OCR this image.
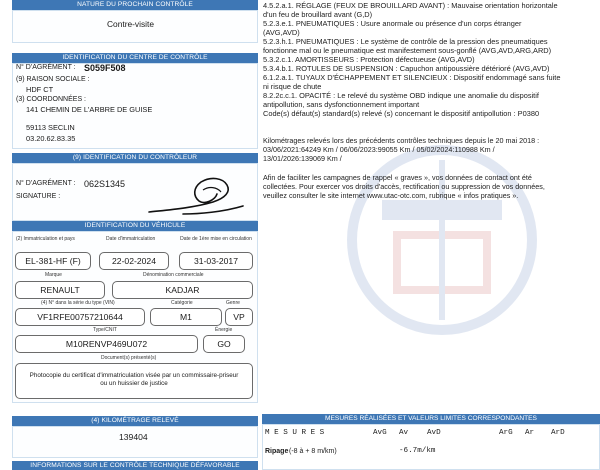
NATURE DU PROCHAIN CONTRÔLE
Contre-visite
IDENTIFICATION DU CENTRE DE CONTRÔLE
N° D'AGRÉMENT : S059F508
(9) RAISON SOCIALE :
HDF CT
(3) COORDONNÉES :
141 CHEMIN DE L'ARBRE DE GUISE
59113 SECLIN
03.20.62.83.35
(9) IDENTIFICATION DU CONTRÔLEUR
N° D'AGRÉMENT : 062S1345
SIGNATURE :
IDENTIFICATION DU VÉHICULE
(2) Immatriculation et pays	Date d'immatriculation	Date de 1ère mise en circulation
EL-381-HF (F)	22-02-2024	31-03-2017
Marque	Dénomination commerciale
RENAULT	KADJAR
(4) N° dans la série du type (VIN)	Catégorie	Genre
VF1RFE00757210644	M1	VP
Type/CNIT	Énergie
M10RENVP469U072	GO
Document(s) présenté(s)
Photocopie du certificat d'immatriculation visée par un commissaire-priseur
ou un huissier de justice
(4) KILOMÉTRAGE RELEVÉ
139404
INFORMATIONS SUR LE CONTRÔLE TECHNIQUE DÉFAVORABLE
4.5.2.a.1. RÉGLAGE (FEUX DE BROUILLARD AVANT) : Mauvaise orientation horizontale
d'un feu de brouillard avant (G,D)
5.2.3.e.1. PNEUMATIQUES : Usure anormale ou présence d'un corps étranger
(AVG,AVD)
5.2.3.h.1. PNEUMATIQUES : Le système de contrôle de la pression des pneumatiques
fonctionne mal ou le pneumatique est manifestement sous-gonflé (AVG,AVD,ARG,ARD)
5.3.2.c.1. AMORTISSEURS : Protection défectueuse (AVG,AVD)
5.3.4.b.1. ROTULES DE SUSPENSION : Capuchon antipoussière détérioré (AVG,AVD)
6.1.2.a.1. TUYAUX D'ÉCHAPPEMENT ET SILENCIEUX : Dispositif endommagé sans fuite
ni risque de chute
8.2.2c.c.1. OPACITÉ : Le relevé du système OBD indique une anomalie du dispositif
antipollution, sans dysfonctionnement important
Code(s) défaut(s) standard(s) relevé (s) concernant le dispositif antipollution : P0380
Kilométrages relevés lors des précédents contrôles techniques depuis le 20 mai 2018 :
03/06/2021:64249 Km / 06/06/2023:99055 Km / 05/02/2024:110988 Km /
13/01/2026:139069 Km /
Afin de faciliter les campagnes de rappel « graves », vos données de contact ont été
collectées. Pour exercer vos droits d'accès, rectification ou suppression de vos données,
veuillez consulter le site internet www.utac-otc.com, rubrique « infos pratiques ».
MESURES RÉALISÉES ET VALEURS LIMITES CORRESPONDANTES
M E S U R E S	AvG Av AvD	ArG Ar ArD
Ripage (-8 à + 8 m/km)	-6.7m/km
